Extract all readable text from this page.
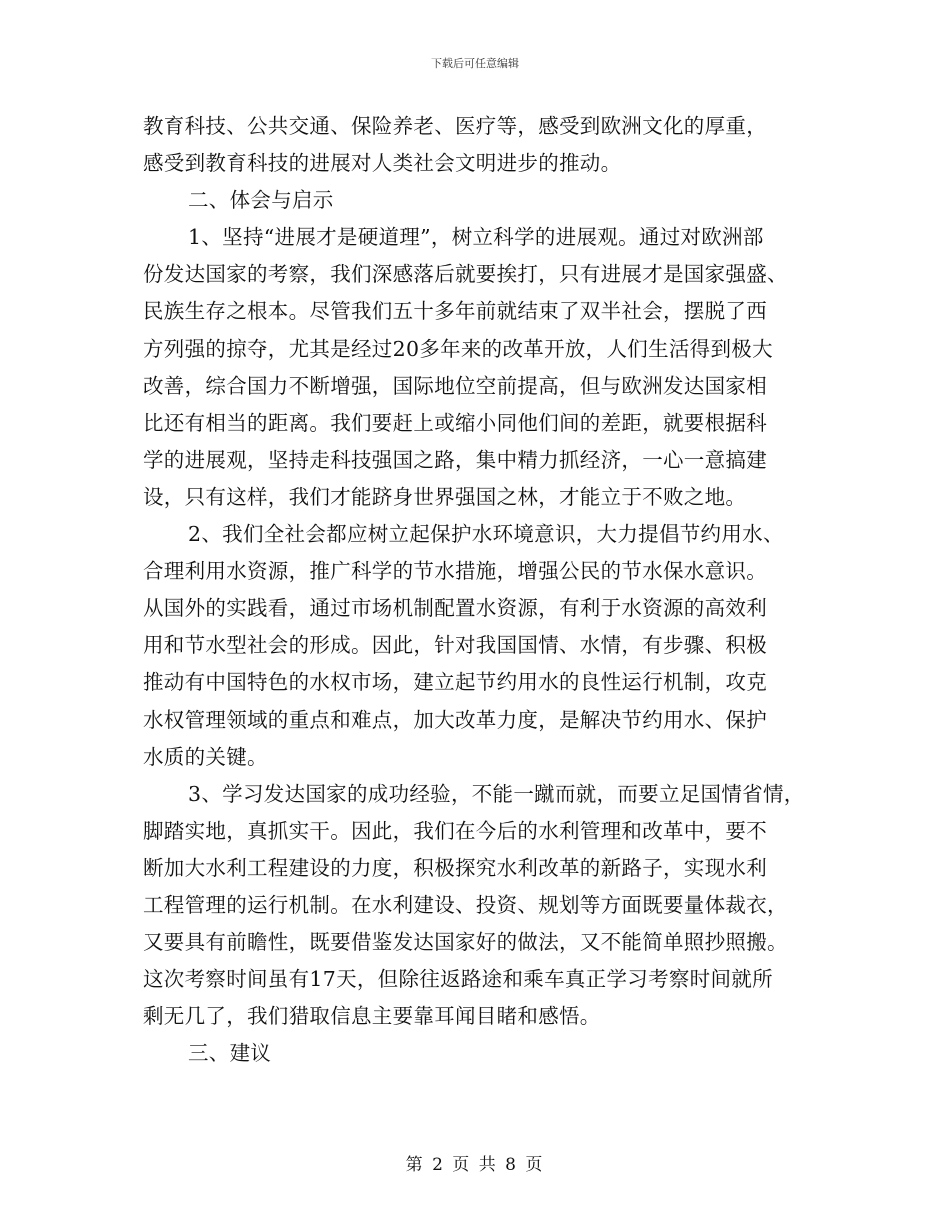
下载后可任意编辑
教育科技、公共交通、保险养老、医疗等，感受到欧洲文化的厚重，
感受到教育科技的进展对人类社会文明进步的推动。
二、体会与启示
1、坚持“进展才是硬道理”，树立科学的进展观。通过对欧洲部
份发达国家的考察，我们深感落后就要挨打，只有进展才是国家强盛、
民族生存之根本。尽管我们五十多年前就结束了双半社会，摆脱了西
方列强的掠夺，尤其是经过20多年来的改革开放，人们生活得到极大
改善，综合国力不断增强，国际地位空前提高，但与欧洲发达国家相
比还有相当的距离。我们要赶上或缩小同他们间的差距，就要根据科
学的进展观，坚持走科技强国之路，集中精力抓经济，一心一意搞建
设，只有这样，我们才能跻身世界强国之林，才能立于不败之地。
2、我们全社会都应树立起保护水环境意识，大力提倡节约用水、
合理利用水资源，推广科学的节水措施，增强公民的节水保水意识。
从国外的实践看，通过市场机制配置水资源，有利于水资源的高效利
用和节水型社会的形成。因此，针对我国国情、水情，有步骤、积极
推动有中国特色的水权市场，建立起节约用水的良性运行机制，攻克
水权管理领域的重点和难点，加大改革力度，是解决节约用水、保护
水质的关键。
3、学习发达国家的成功经验，不能一蹴而就，而要立足国情省情，
脚踏实地，真抓实干。因此，我们在今后的水利管理和改革中，要不
断加大水利工程建设的力度，积极探究水利改革的新路子，实现水利
工程管理的运行机制。在水利建设、投资、规划等方面既要量体裁衣，
又要具有前瞻性，既要借鉴发达国家好的做法，又不能简单照抄照搬。
这次考察时间虽有17天，但除往返路途和乘车真正学习考察时间就所
剩无几了，我们猎取信息主要靠耳闻目睹和感悟。
三、建议
第 2 页 共 8 页
